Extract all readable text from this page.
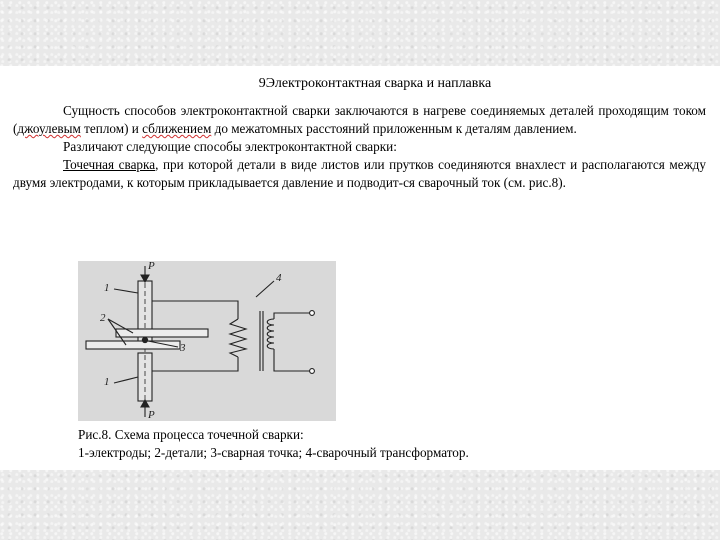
9Электроконтактная сварка и наплавка

Сущность способов электроконтактной сварки заключаются в нагреве соединяемых деталей проходящим током (джоулевым теплом) и сближением до межатомных расстояний приложенным к деталям давлением.

Различают следующие способы электроконтактной сварки:

Точечная сварка, при которой детали в виде листов или прутков соединяются внахлест и располагаются между двумя электродами, к которым прикладывается давление и подводит-ся сварочный ток (см. рис.8).

P
P
1
1
2
3
4
Рис.8. Схема процесса точечной сварки:
1-электроды; 2-детали; 3-сварная точка; 4-сварочный трансформатор.
